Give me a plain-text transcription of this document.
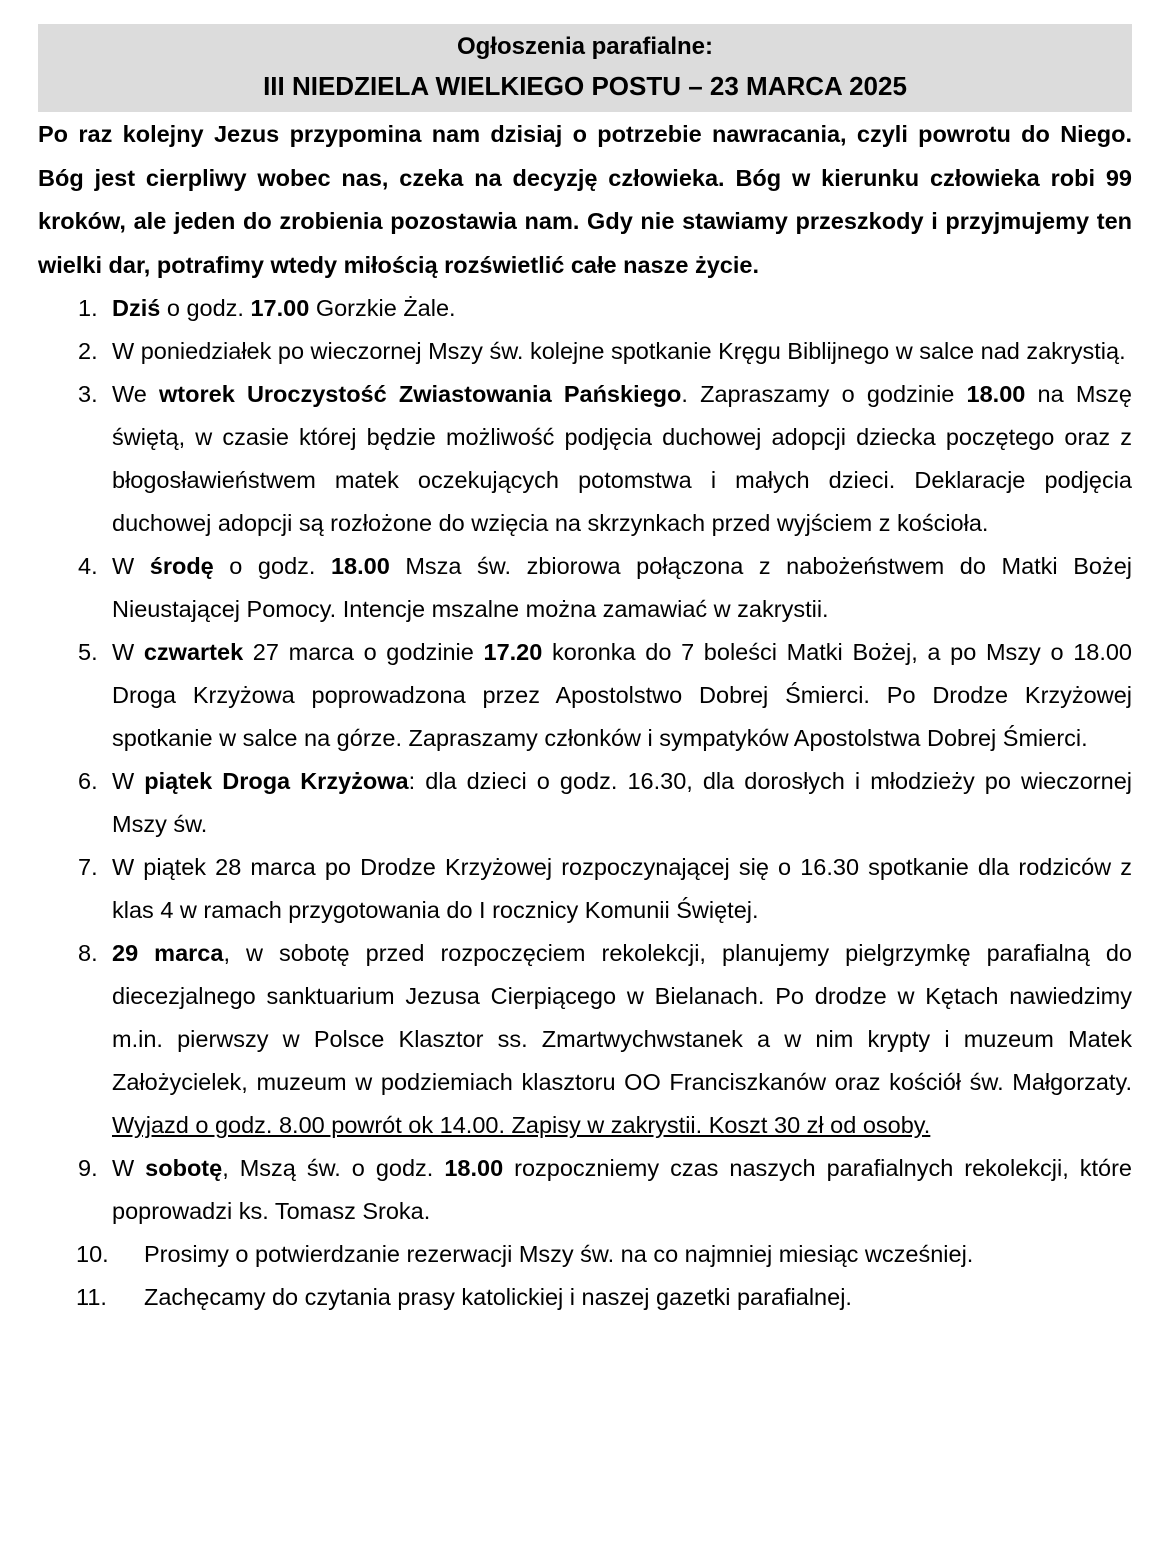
Ogłoszenia parafialne:
III NIEDZIELA WIELKIEGO POSTU – 23 MARCA 2025

Po raz kolejny Jezus przypomina nam dzisiaj o potrzebie nawracania, czyli powrotu do Niego. Bóg jest cierpliwy wobec nas, czeka na decyzję człowieka. Bóg w kierunku człowieka robi 99 kroków, ale jeden do zrobienia pozostawia nam. Gdy nie stawiamy przeszkody i przyjmujemy ten wielki dar, potrafimy wtedy miłością rozświetlić całe nasze życie.

1. Dziś o godz. 17.00 Gorzkie Żale.
2. W poniedziałek po wieczornej Mszy św. kolejne spotkanie Kręgu Biblijnego w salce nad zakrystią.
3. We wtorek Uroczystość Zwiastowania Pańskiego. Zapraszamy o godzinie 18.00 na Mszę świętą, w czasie której będzie możliwość podjęcia duchowej adopcji dziecka poczętego oraz z błogosławieństwem matek oczekujących potomstwa i małych dzieci. Deklaracje podjęcia duchowej adopcji są rozłożone do wzięcia na skrzynkach przed wyjściem z kościoła.
4. W środę o godz. 18.00 Msza św. zbiorowa połączona z nabożeństwem do Matki Bożej Nieustającej Pomocy. Intencje mszalne można zamawiać w zakrystii.
5. W czwartek 27 marca o godzinie 17.20 koronka do 7 boleści Matki Bożej, a po Mszy o 18.00 Droga Krzyżowa poprowadzona przez Apostolstwo Dobrej Śmierci. Po Drodze Krzyżowej spotkanie w salce na górze. Zapraszamy członków i sympatyków Apostolstwa Dobrej Śmierci.
6. W piątek Droga Krzyżowa: dla dzieci o godz. 16.30, dla dorosłych i młodzieży po wieczornej Mszy św.
7. W piątek 28 marca po Drodze Krzyżowej rozpoczynającej się o 16.30 spotkanie dla rodziców z klas 4 w ramach przygotowania do I rocznicy Komunii Świętej.
8. 29 marca, w sobotę przed rozpoczęciem rekolekcji, planujemy pielgrzymkę parafialną do diecezjalnego sanktuarium Jezusa Cierpiącego w Bielanach. Po drodze w Kętach nawiedzimy m.in. pierwszy w Polsce Klasztor ss. Zmartwychwstanek a w nim krypty i muzeum Matek Założycielek, muzeum w podziemiach klasztoru OO Franciszkanów oraz kościół św. Małgorzaty. Wyjazd o godz. 8.00 powrót ok 14.00. Zapisy w zakrystii. Koszt 30 zł od osoby.
9. W sobotę, Mszą św. o godz. 18.00 rozpoczniemy czas naszych parafialnych rekolekcji, które poprowadzi ks. Tomasz Sroka.
10. Prosimy o potwierdzanie rezerwacji Mszy św. na co najmniej miesiąc wcześniej.
11. Zachęcamy do czytania prasy katolickiej i naszej gazetki parafialnej.
